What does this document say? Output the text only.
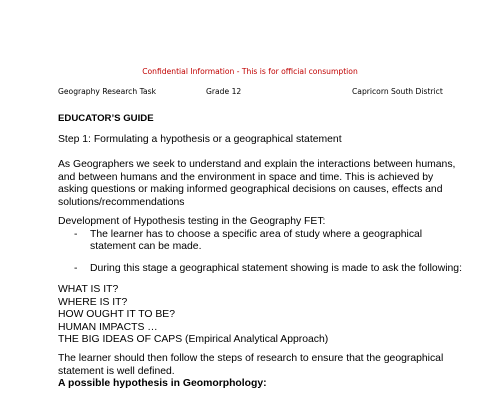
Confidential Information - This is for official consumption
Geography Research Task	Grade 12	Capricorn South District
EDUCATOR’S GUIDE
Step 1: Formulating a hypothesis or a geographical statement
As Geographers we seek to understand and explain the interactions between humans,
and between humans and the environment in space and time. This is achieved by
asking questions or making informed geographical decisions on causes, effects and
solutions/recommendations
Development of Hypothesis testing in the Geography FET:
- The learner has to choose a specific area of study where a geographical
statement can be made.
- During this stage a geographical statement showing is made to ask the following:
WHAT IS IT?
WHERE IS IT?
HOW OUGHT IT TO BE?
HUMAN IMPACTS …
THE BIG IDEAS OF CAPS (Empirical Analytical Approach)
The learner should then follow the steps of research to ensure that the geographical
statement is well defined.
A possible hypothesis in Geomorphology:
